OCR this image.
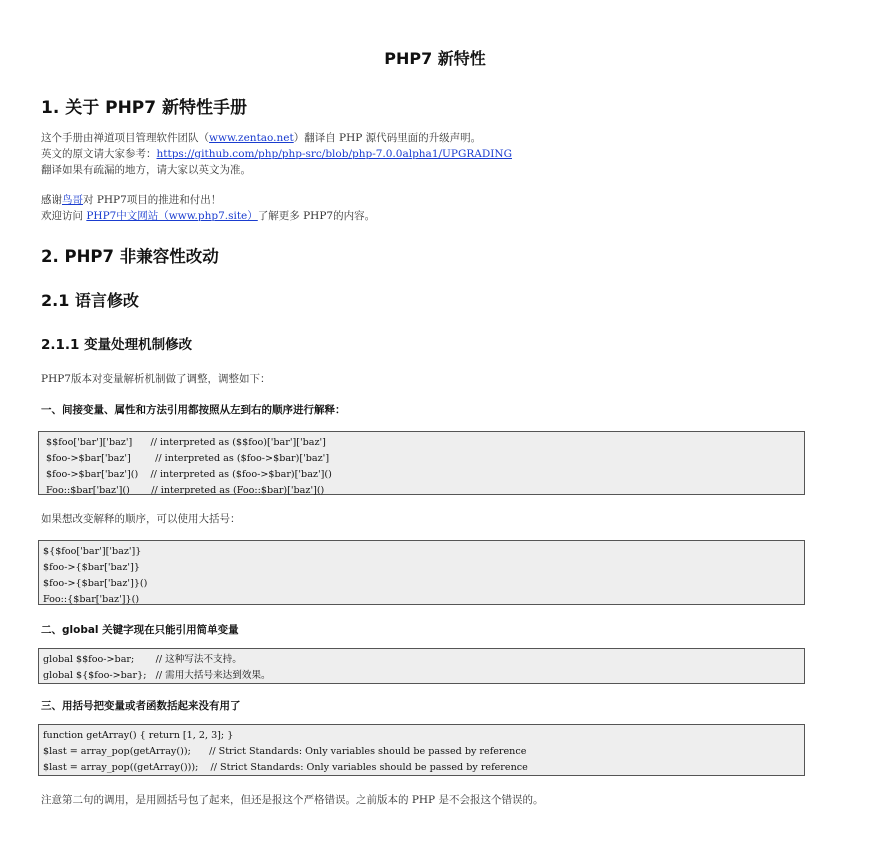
PHP7 新特性
1. 关于 PHP7 新特性手册
这个手册由禅道项目管理软件团队（www.zentao.net）翻译自 PHP 源代码里面的升级声明。
英文的原文请大家参考：https://github.com/php/php-src/blob/php-7.0.0alpha1/UPGRADING
翻译如果有疏漏的地方，请大家以英文为准。
感谢鸟哥对 PHP7项目的推进和付出！
欢迎访问 PHP7中文网站（www.php7.site）了解更多 PHP7的内容。
2. PHP7 非兼容性改动
2.1 语言修改
2.1.1 变量处理机制修改
PHP7版本对变量解析机制做了调整，调整如下：
一、间接变量、属性和方法引用都按照从左到右的顺序进行解释：
$$foo['bar']['baz']      // interpreted as ($$foo)['bar']['baz']
$foo->$bar['baz']        // interpreted as ($foo->$bar)['baz']
$foo->$bar['baz']()    // interpreted as ($foo->$bar)['baz']()
Foo::$bar['baz']()       // interpreted as (Foo::$bar)['baz']()
如果想改变解释的顺序，可以使用大括号：
${$foo['bar']['baz']}
$foo->{$bar['baz']}
$foo->{$bar['baz']}()
Foo::{$bar['baz']}()
二、global 关键字现在只能引用简单变量
global $$foo->bar;       // 这种写法不支持。
global ${$foo->bar};   // 需用大括号来达到效果。
三、用括号把变量或者函数括起来没有用了
function getArray() { return [1, 2, 3]; }
$last = array_pop(getArray());      // Strict Standards: Only variables should be passed by reference
$last = array_pop((getArray()));    // Strict Standards: Only variables should be passed by reference
注意第二句的调用，是用圆括号包了起来，但还是报这个严格错误。之前版本的 PHP 是不会报这个错误的。
